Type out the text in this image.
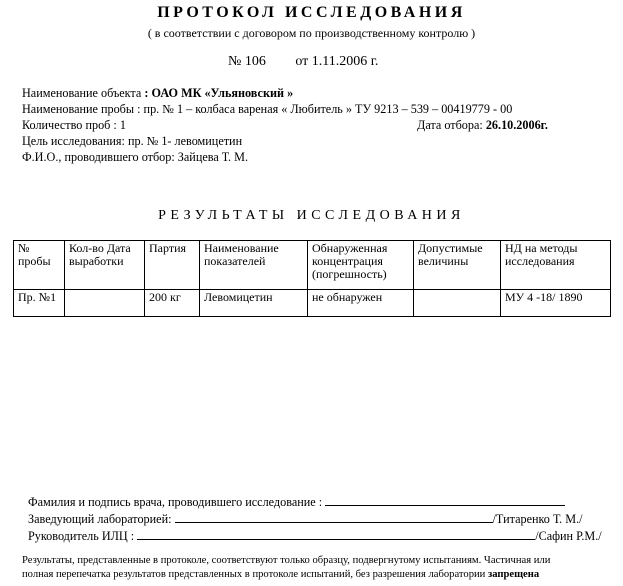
ПРОТОКОЛ ИССЛЕДОВАНИЯ
( в соответствии с договором по производственному контролю )
№ 106 от 1.11.2006 г.
Наименование объекта : ОАО МК «Ульяновский »
Наименование пробы : пр. № 1 – колбаса вареная « Любитель » ТУ 9213 – 539 – 00419779 - 00
Количество проб : 1	Дата отбора: 26.10.2006г.
Цель исследования: пр. № 1- левомицетин
Ф.И.О., проводившего отбор: Зайцева Т. М.
РЕЗУЛЬТАТЫ ИССЛЕДОВАНИЯ
№ пробы	Кол-во Дата выработки	Партия	Наименование показателей	Обнаруженная концентрация (погрешность)	Допустимые величины	НД на методы исследования
Пр. №1		200 кг	Левомицетин	не обнаружен		МУ 4 -18/ 1890
Фамилия и подпись врача, проводившего исследование :
Заведующий лабораторией:	/Титаренко Т. М./
Руководитель ИЛЦ :	/Сафин Р.М./
Результаты, представленные в протоколе, соответствуют только образцу, подвергнутому испытаниям. Частичная или
полная перепечатка результатов представленных в протоколе испытаний, без разрешения лаборатории запрещена
